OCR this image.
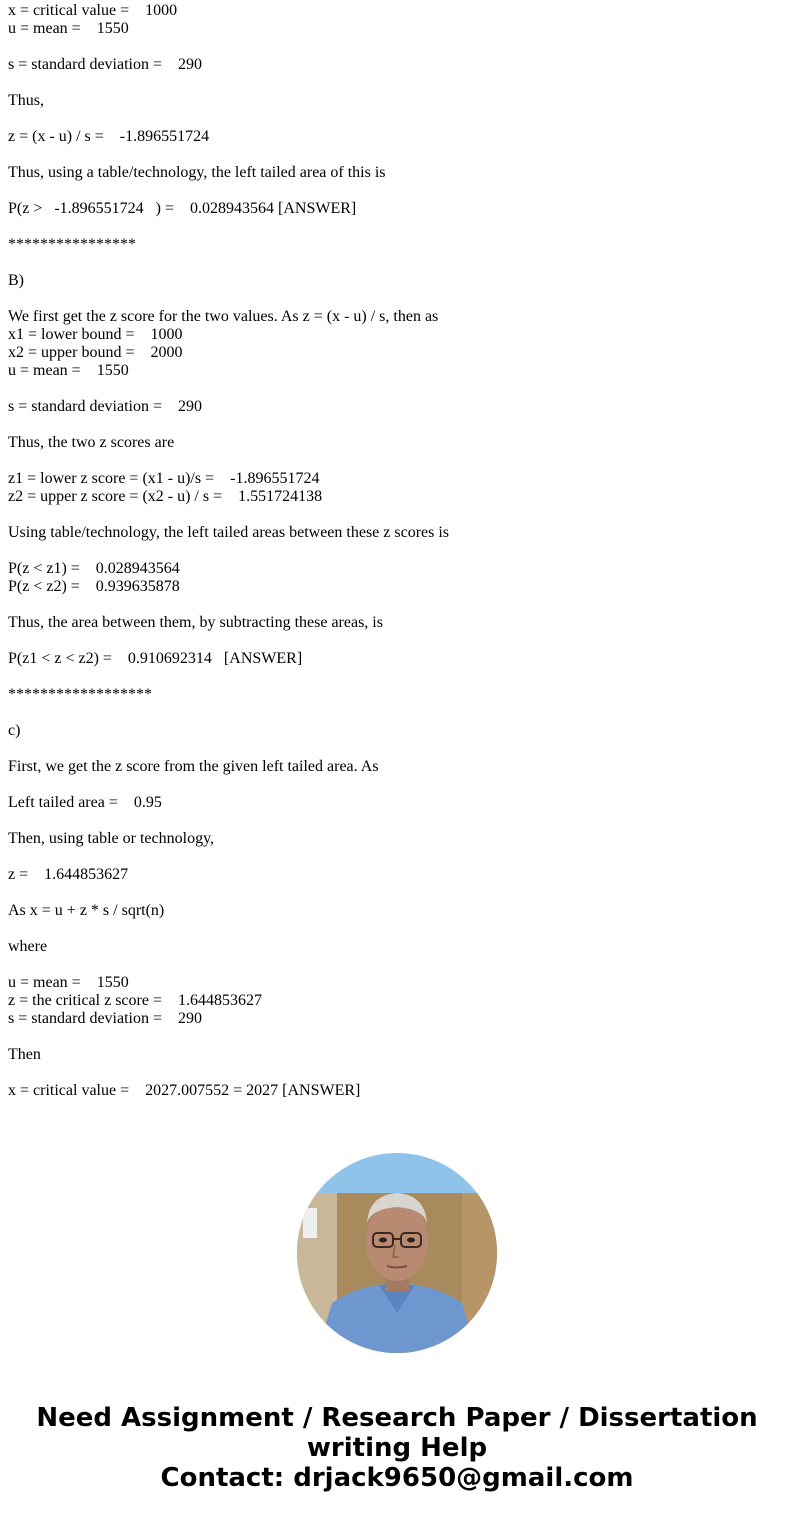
x = critical value =    1000
u = mean =    1550
s = standard deviation =    290
Thus,
z = (x - u) / s =    -1.896551724
Thus, using a table/technology, the left tailed area of this is
P(z >   -1.896551724   ) =    0.028943564 [ANSWER]
****************
B)
We first get the z score for the two values. As z = (x - u) / s, then as
x1 = lower bound =    1000
x2 = upper bound =    2000
u = mean =    1550
s = standard deviation =    290
Thus, the two z scores are
z1 = lower z score = (x1 - u)/s =    -1.896551724
z2 = upper z score = (x2 - u) / s =    1.551724138
Using table/technology, the left tailed areas between these z scores is
P(z < z1) =    0.028943564
P(z < z2) =    0.939635878
Thus, the area between them, by subtracting these areas, is
P(z1 < z < z2) =    0.910692314   [ANSWER]
******************
c)
First, we get the z score from the given left tailed area. As
Left tailed area =    0.95
Then, using table or technology,
z =    1.644853627
As x = u + z * s / sqrt(n)
where
u = mean =    1550
z = the critical z score =    1.644853627
s = standard deviation =    290
Then
x = critical value =    2027.007552 = 2027 [ANSWER]
Need Assignment / Research Paper / Dissertation
writing Help
Contact: drjack9650@gmail.com
